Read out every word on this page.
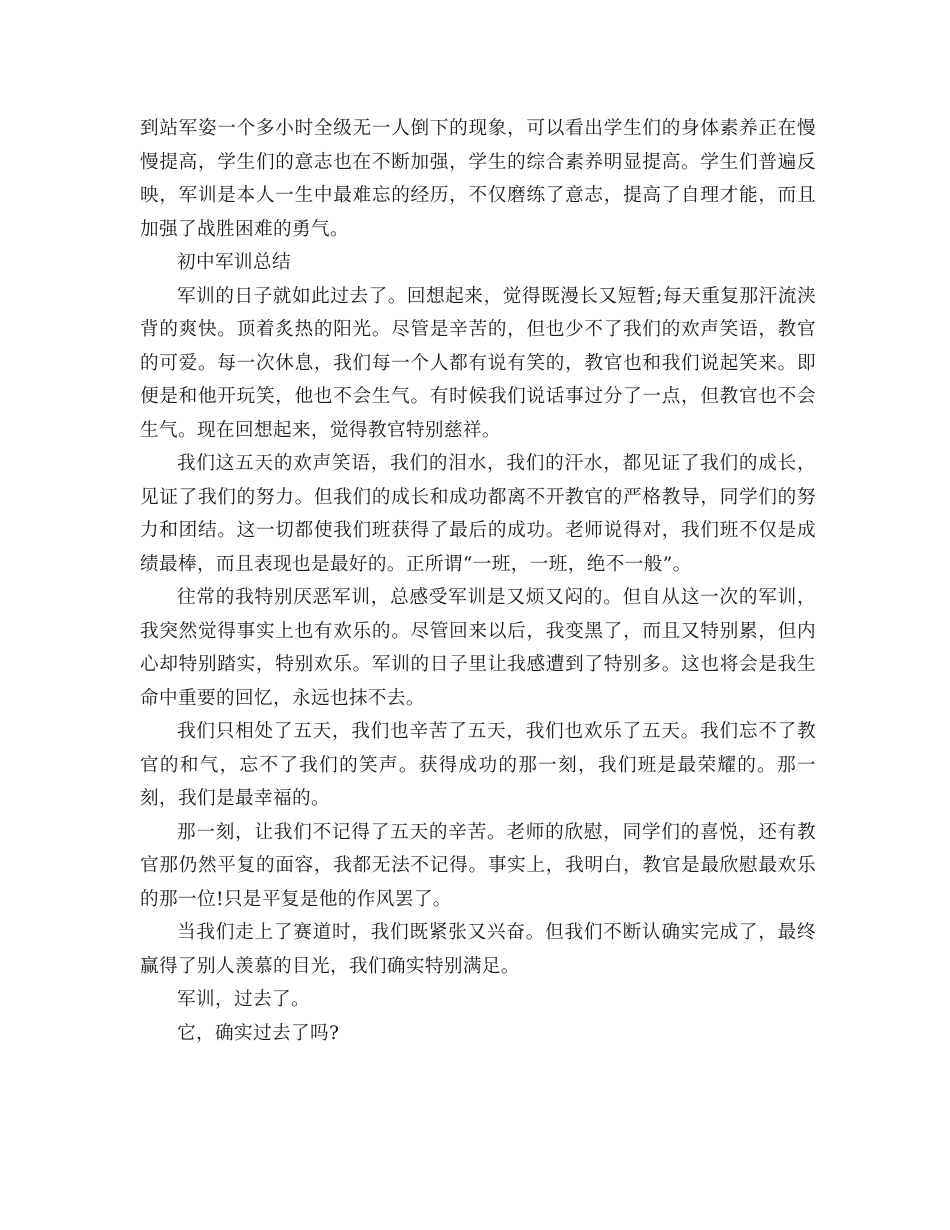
到站军姿一个多小时全级无一人倒下的现象，可以看出学生们的身体素养正在慢慢提高，学生们的意志也在不断加强，学生的综合素养明显提高。学生们普遍反映，军训是本人一生中最难忘的经历，不仅磨练了意志，提高了自理才能，而且加强了战胜困难的勇气。

初中军训总结

军训的日子就如此过去了。回想起来，觉得既漫长又短暂;每天重复那汗流浃背的爽快。顶着炙热的阳光。尽管是辛苦的，但也少不了我们的欢声笑语，教官的可爱。每一次休息，我们每一个人都有说有笑的，教官也和我们说起笑来。即便是和他开玩笑，他也不会生气。有时候我们说话事过分了一点，但教官也不会生气。现在回想起来，觉得教官特别慈祥。

我们这五天的欢声笑语，我们的泪水，我们的汗水，都见证了我们的成长，见证了我们的努力。但我们的成长和成功都离不开教官的严格教导，同学们的努力和团结。这一切都使我们班获得了最后的成功。老师说得对，我们班不仅是成绩最棒，而且表现也是最好的。正所谓“一班，一班，绝不一般”。

往常的我特别厌恶军训，总感受军训是又烦又闷的。但自从这一次的军训，我突然觉得事实上也有欢乐的。尽管回来以后，我变黑了，而且又特别累，但内心却特别踏实，特别欢乐。军训的日子里让我感遭到了特别多。这也将会是我生命中重要的回忆，永远也抹不去。

我们只相处了五天，我们也辛苦了五天，我们也欢乐了五天。我们忘不了教官的和气，忘不了我们的笑声。获得成功的那一刻，我们班是最荣耀的。那一刻，我们是最幸福的。

那一刻，让我们不记得了五天的辛苦。老师的欣慰，同学们的喜悦，还有教官那仍然平复的面容，我都无法不记得。事实上，我明白，教官是最欣慰最欢乐的那一位!只是平复是他的作风罢了。

当我们走上了赛道时，我们既紧张又兴奋。但我们不断认确实完成了，最终赢得了别人羡慕的目光，我们确实特别满足。

军训，过去了。

它，确实过去了吗?
